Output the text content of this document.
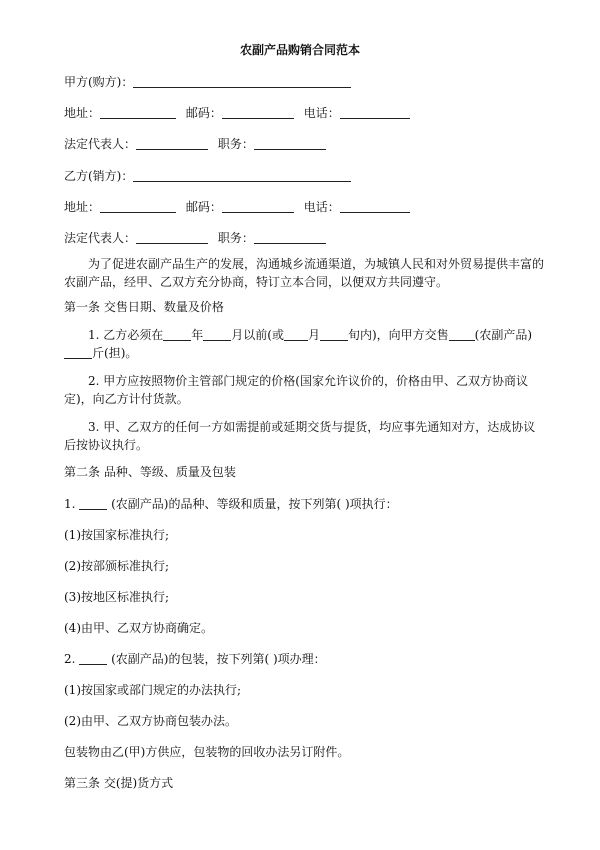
农副产品购销合同范本
甲方(购方)：
地址：	邮码：	电话：
法定代表人：	职务：
乙方(销方)：
地址：	邮码：	电话：
法定代表人：	职务：
为了促进农副产品生产的发展，沟通城乡流通渠道，为城镇人民和对外贸易提供丰富的农副产品，经甲、乙双方充分协商，特订立本合同，以便双方共同遵守。
第一条 交售日期、数量及价格
1. 乙方必须在 年 月以前(或 月 旬内)，向甲方交售 (农副产品)斤(担)。
2. 甲方应按照物价主管部门规定的价格(国家允许议价的，价格由甲、乙双方协商议定)，向乙方计付货款。
3. 甲、乙双方的任何一方如需提前或延期交货与提货，均应事先通知对方，达成协议后按协议执行。
第二条 品种、等级、质量及包装
1.	(农副产品)的品种、等级和质量，按下列第( )项执行：
(1)按国家标准执行;
(2)按部颁标准执行;
(3)按地区标准执行;
(4)由甲、乙双方协商确定。
2.	(农副产品)的包装，按下列第( )项办理：
(1)按国家或部门规定的办法执行;
(2)由甲、乙双方协商包装办法。
包装物由乙(甲)方供应，包装物的回收办法另订附件。
第三条 交(提)货方式
